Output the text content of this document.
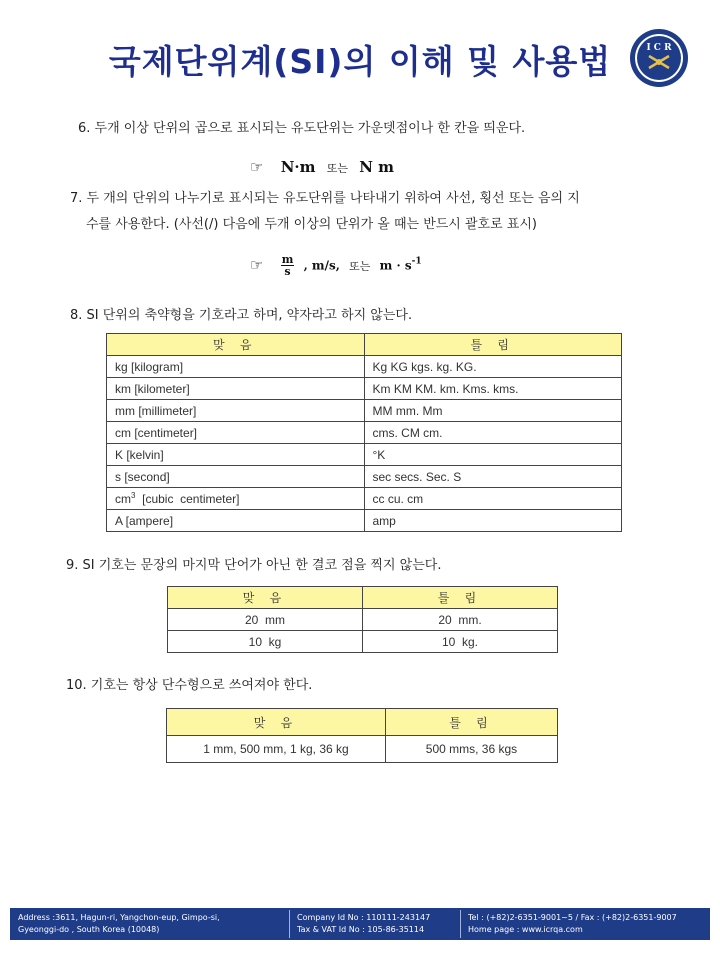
국제단위계(SI)의 이해 및 사용법	I C R
6. 두개 이상 단위의 곱으로 표시되는 유도단위는 가운뎃점이나 한 칸을 띄운다.
☞ N·m 또는 N m
7. 두 개의 단위의 나누기로 표시되는 유도단위를 나타내기 위하여 사선, 횡선 또는 음의 지
수를 사용한다. (사선(/) 다음에 두개 이상의 단위가 올 때는 반드시 괄호로 표시)
☞ $\frac{m}{s}$ , m/s, 또는 $m \cdot s^{-1}$
8. SI 단위의 축약형을 기호라고 하며, 약자라고 하지 않는다.
맞 음	틀 림
kg [kilogram]	Kg KG kgs. kg. KG.
km [kilometer]	Km KM KM. km. Kms. kms.
mm [millimeter]	MM mm. Mm
cm [centimeter]	cms. CM cm.
K [kelvin]	°K
s [second]	sec secs. Sec. S
$cm^3$  [cubic  centimeter]	cc cu. cm
A [ampere]	amp
9. SI 기호는 문장의 마지막 단어가 아닌 한 결코 점을 찍지 않는다.
맞 음	틀 림
20  mm	20  mm.
10  kg	10  kg.
10. 기호는 항상 단수형으로 쓰여져야 한다.
맞 음	틀 림
1 mm, 500 mm, 1 kg, 36 kg	500 mms, 36 kgs
Address :3611, Hagun-ri, Yangchon-eup, Gimpo-si,
Gyeonggi-do , South Korea (10048)
Company Id No : 110111-243147
Tax & VAT Id No : 105-86-35114
Tel : (+82)2-6351-9001~5 / Fax : (+82)2-6351-9007
Home page : www.icrqa.com
